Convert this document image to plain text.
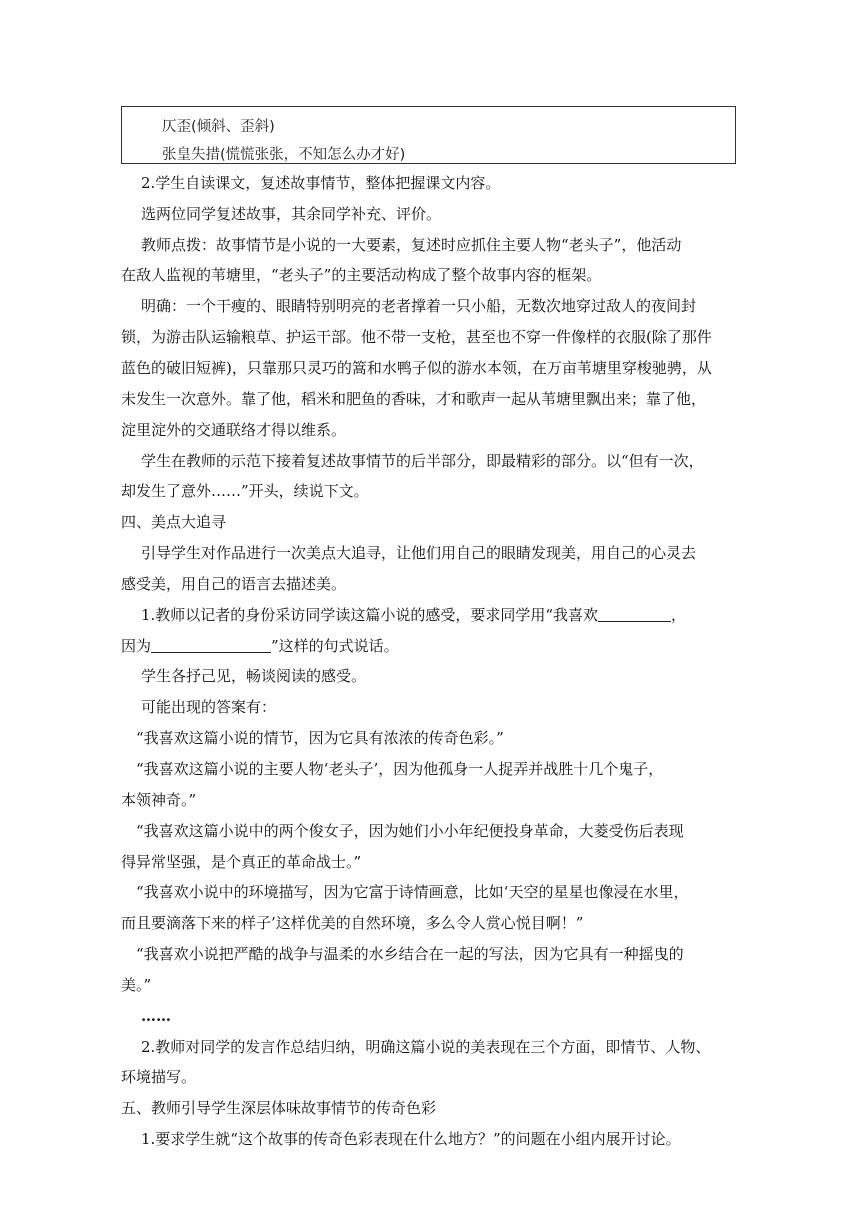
仄歪(倾斜、歪斜)
张皇失措(慌慌张张，不知怎么办才好)
2.学生自读课文，复述故事情节，整体把握课文内容。
选两位同学复述故事，其余同学补充、评价。
教师点拨：故事情节是小说的一大要素，复述时应抓住主要人物“老头子”，他活动
在敌人监视的苇塘里，“老头子”的主要活动构成了整个故事内容的框架。
明确：一个干瘦的、眼睛特别明亮的老者撑着一只小船，无数次地穿过敌人的夜间封
锁，为游击队运输粮草、护运干部。他不带一支枪，甚至也不穿一件像样的衣服(除了那件
蓝色的破旧短裤)，只靠那只灵巧的篙和水鸭子似的游水本领，在万亩苇塘里穿梭驰骋，从
未发生一次意外。靠了他，稻米和肥鱼的香味，才和歌声一起从苇塘里飘出来；靠了他，
淀里淀外的交通联络才得以维系。
学生在教师的示范下接着复述故事情节的后半部分，即最精彩的部分。以“但有一次，
却发生了意外……”开头，续说下文。
四、美点大追寻
引导学生对作品进行一次美点大追寻，让他们用自己的眼睛发现美，用自己的心灵去
感受美，用自己的语言去描述美。
1.教师以记者的身份采访同学读这篇小说的感受，要求同学用“我喜欢	，
因为	”这样的句式说话。
学生各抒己见，畅谈阅读的感受。
可能出现的答案有：
“我喜欢这篇小说的情节，因为它具有浓浓的传奇色彩。”
“我喜欢这篇小说的主要人物‘老头子’，因为他孤身一人捉弄并战胜十几个鬼子，
本领神奇。”
“我喜欢这篇小说中的两个俊女子，因为她们小小年纪便投身革命，大菱受伤后表现
得异常坚强，是个真正的革命战士。”
“我喜欢小说中的环境描写，因为它富于诗情画意，比如‘天空的星星也像浸在水里，
而且要滴落下来的样子’这样优美的自然环境，多么令人赏心悦目啊！”
“我喜欢小说把严酷的战争与温柔的水乡结合在一起的写法，因为它具有一种摇曳的
美。”
……
2.教师对同学的发言作总结归纳，明确这篇小说的美表现在三个方面，即情节、人物、
环境描写。
五、教师引导学生深层体味故事情节的传奇色彩
1.要求学生就“这个故事的传奇色彩表现在什么地方？”的问题在小组内展开讨论。
